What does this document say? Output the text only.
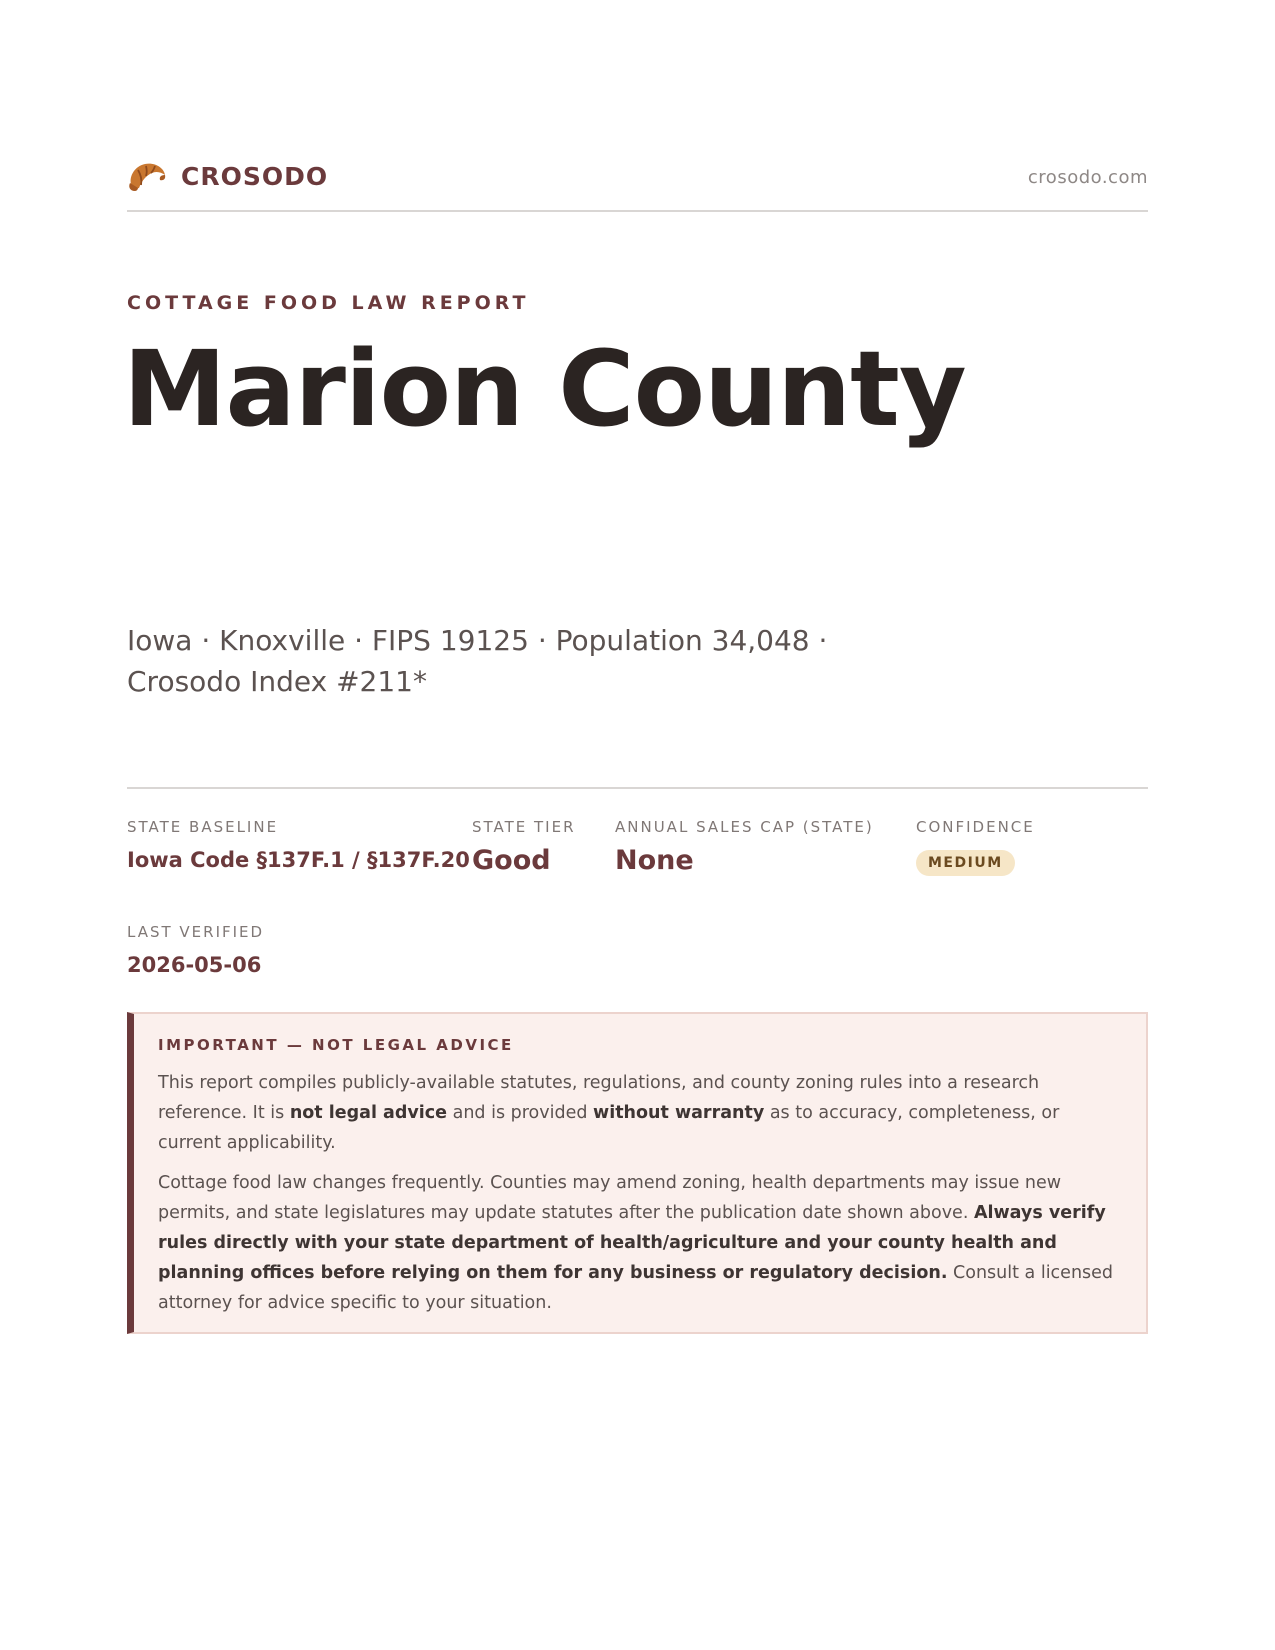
CROSODO	crosodo.com
COTTAGE FOOD LAW REPORT
Marion County
Iowa · Knoxville · FIPS 19125 · Population 34,048 · Crosodo Index #211*
STATE BASELINE
Iowa Code §137F.1 / §137F.20
STATE TIER
Good
ANNUAL SALES CAP (STATE)
None
CONFIDENCE
MEDIUM
LAST VERIFIED
2026-05-06
IMPORTANT — NOT LEGAL ADVICE

This report compiles publicly-available statutes, regulations, and county zoning rules into a research reference. It is not legal advice and is provided without warranty as to accuracy, completeness, or current applicability.

Cottage food law changes frequently. Counties may amend zoning, health departments may issue new permits, and state legislatures may update statutes after the publication date shown above. Always verify rules directly with your state department of health/agriculture and your county health and planning offices before relying on them for any business or regulatory decision. Consult a licensed attorney for advice specific to your situation.
